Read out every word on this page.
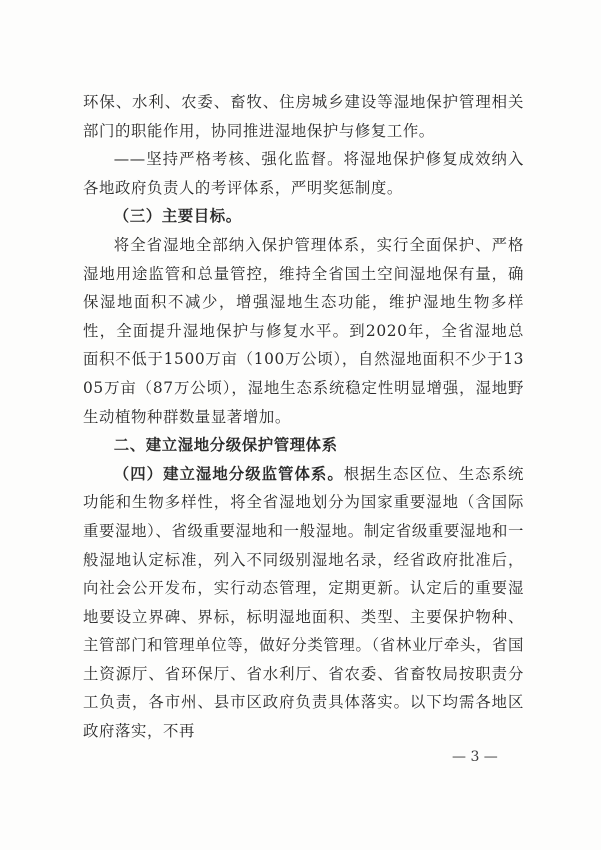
环保、水利、农委、畜牧、住房城乡建设等湿地保护管理相关部门的职能作用，协同推进湿地保护与修复工作。

——坚持严格考核、强化监督。将湿地保护修复成效纳入各地政府负责人的考评体系，严明奖惩制度。

（三）主要目标。

将全省湿地全部纳入保护管理体系，实行全面保护、严格湿地用途监管和总量管控，维持全省国土空间湿地保有量，确保湿地面积不减少，增强湿地生态功能，维护湿地生物多样性，全面提升湿地保护与修复水平。到2020年，全省湿地总面积不低于1500万亩（100万公顷），自然湿地面积不少于1305万亩（87万公顷），湿地生态系统稳定性明显增强，湿地野生动植物种群数量显著增加。

二、建立湿地分级保护管理体系

（四）建立湿地分级监管体系。根据生态区位、生态系统功能和生物多样性，将全省湿地划分为国家重要湿地（含国际重要湿地）、省级重要湿地和一般湿地。制定省级重要湿地和一般湿地认定标准，列入不同级别湿地名录，经省政府批准后，向社会公开发布，实行动态管理，定期更新。认定后的重要湿地要设立界碑、界标，标明湿地面积、类型、主要保护物种、主管部门和管理单位等，做好分类管理。（省林业厅牵头，省国土资源厅、省环保厅、省水利厅、省农委、省畜牧局按职责分工负责，各市州、县市区政府负责具体落实。以下均需各地区政府落实，不再

— 3 —
